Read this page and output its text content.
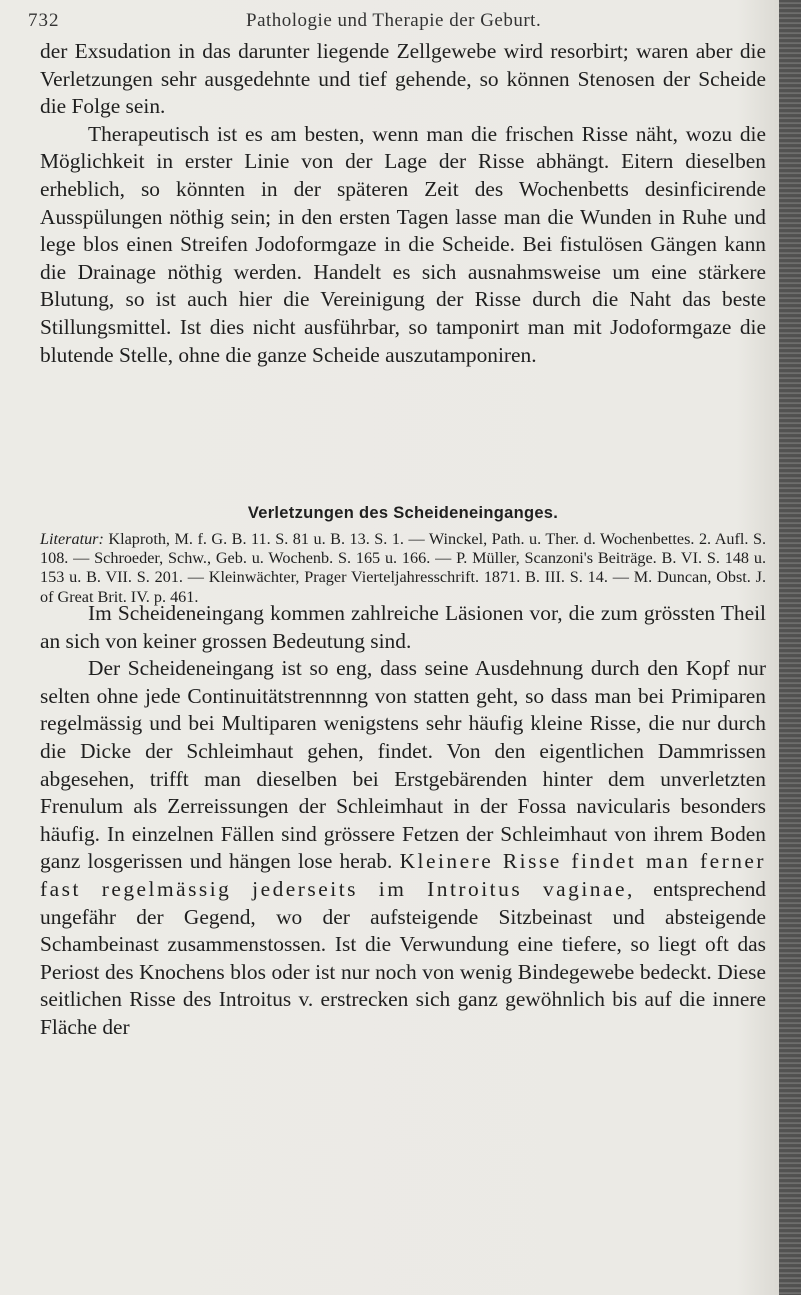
732	Pathologie und Therapie der Geburt.

der Exsudation in das darunter liegende Zellgewebe wird resorbirt; waren aber die Verletzungen sehr ausgedehnte und tief gehende, so können Stenosen der Scheide die Folge sein.

Therapeutisch ist es am besten, wenn man die frischen Risse näht, wozu die Möglichkeit in erster Linie von der Lage der Risse abhängt. Eitern dieselben erheblich, so könnten in der späteren Zeit des Wochenbetts desinficirende Ausspülungen nöthig sein; in den ersten Tagen lasse man die Wunden in Ruhe und lege blos einen Streifen Jodoformgaze in die Scheide. Bei fistulösen Gängen kann die Drainage nöthig werden. Handelt es sich ausnahmsweise um eine stärkere Blutung, so ist auch hier die Vereinigung der Risse durch die Naht das beste Stillungsmittel. Ist dies nicht ausführbar, so tamponirt man mit Jodoformgaze die blutende Stelle, ohne die ganze Scheide auszutamponiren.

Verletzungen des Scheideneinganges.

Literatur: Klaproth, M. f. G. B. 11. S. 81 u. B. 13. S. 1. — Winckel, Path. u. Ther. d. Wochenbettes. 2. Aufl. S. 108. — Schroeder, Schw., Geb. u. Wochenb. S. 165 u. 166. — P. Müller, Scanzoni's Beiträge. B. VI. S. 148 u. 153 u. B. VII. S. 201. — Kleinwächter, Prager Vierteljahresschrift. 1871. B. III. S. 14. — M. Duncan, Obst. J. of Great Brit. IV. p. 461.

Im Scheideneingang kommen zahlreiche Läsionen vor, die zum grössten Theil an sich von keiner grossen Bedeutung sind.

Der Scheideneingang ist so eng, dass seine Ausdehnung durch den Kopf nur selten ohne jede Continuitätstrennnng von statten geht, so dass man bei Primiparen regelmässig und bei Multiparen wenigstens sehr häufig kleine Risse, die nur durch die Dicke der Schleimhaut gehen, findet. Von den eigentlichen Dammrissen abgesehen, trifft man dieselben bei Erstgebärenden hinter dem unverletzten Frenulum als Zerreissungen der Schleimhaut in der Fossa navicularis besonders häufig. In einzelnen Fällen sind grössere Fetzen der Schleimhaut von ihrem Boden ganz losgerissen und hängen lose herab. Kleinere Risse findet man ferner fast regelmässig jederseits im Introitus vaginae, entsprechend ungefähr der Gegend, wo der aufsteigende Sitzbeinast und absteigende Schambeinast zusammenstossen. Ist die Verwundung eine tiefere, so liegt oft das Periost des Knochens blos oder ist nur noch von wenig Bindegewebe bedeckt. Diese seitlichen Risse des Introitus v. erstrecken sich ganz gewöhnlich bis auf die innere Fläche der
